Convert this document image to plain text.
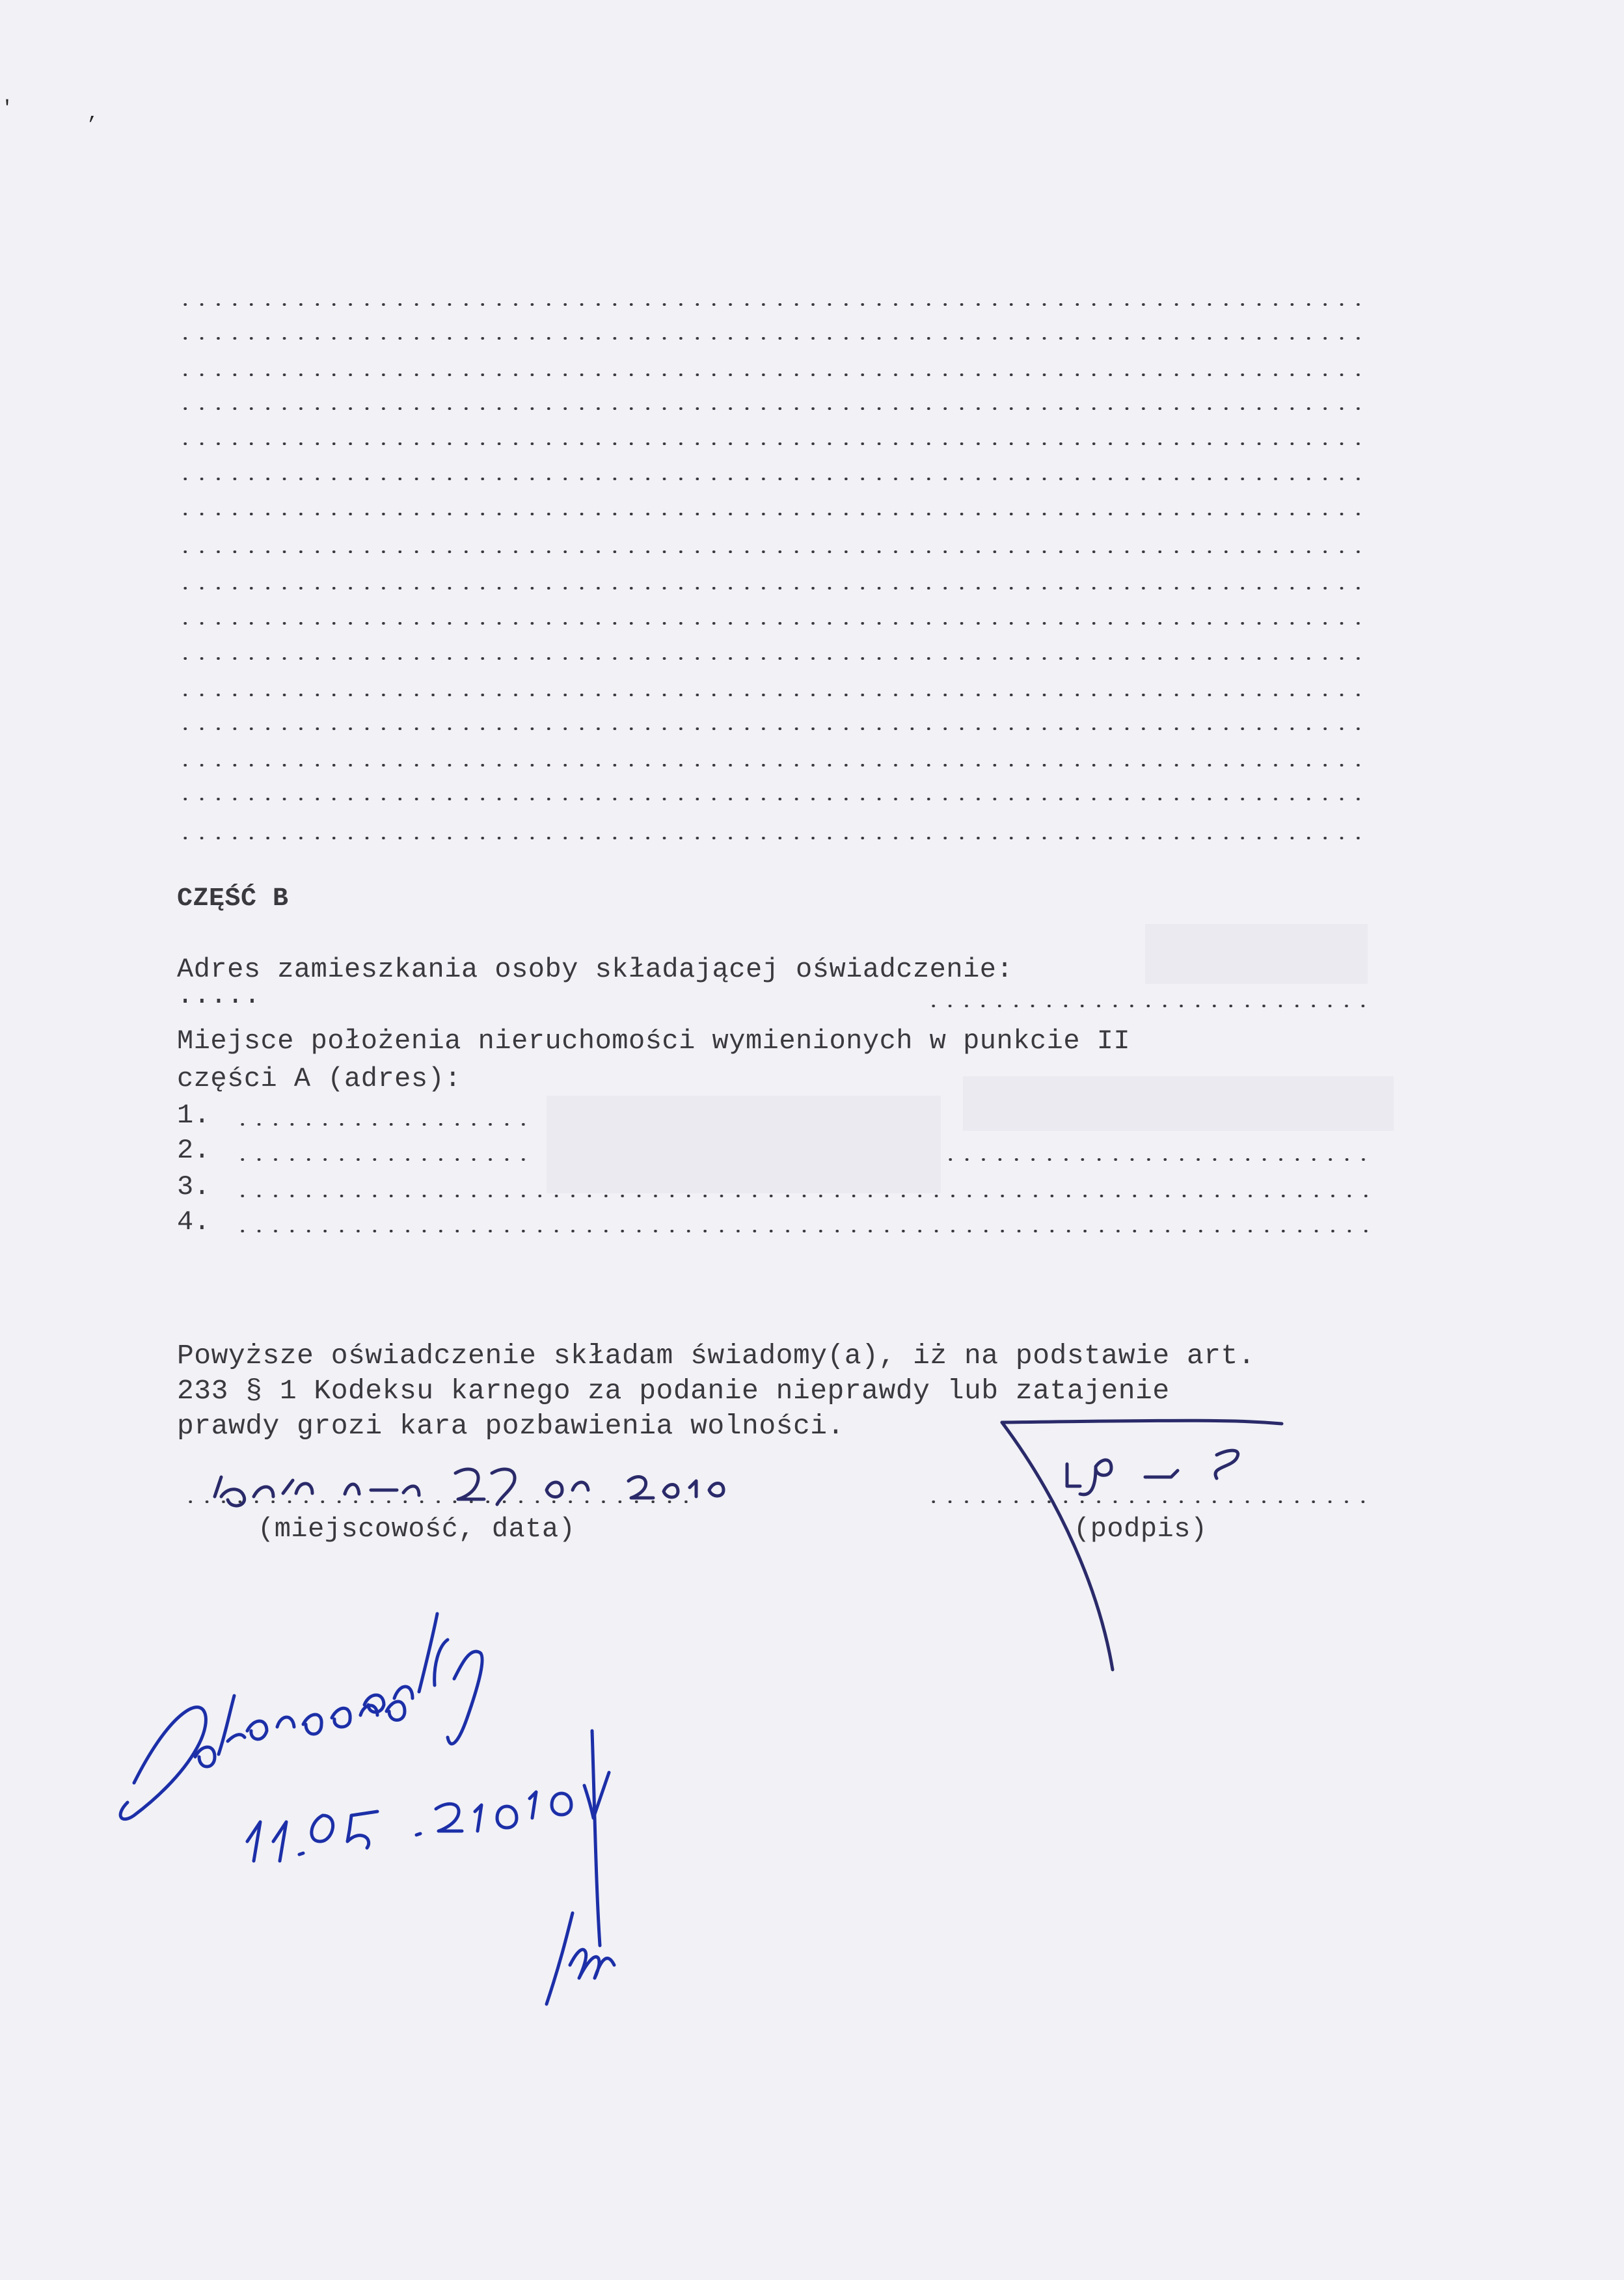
'	,
CZĘŚĆ B
Adres zamieszkania osoby składającej oświadczenie:
.....
Miejsce położenia nieruchomości wymienionych w punkcie II
części A (adres):
1.
2.
3.
4.
Powyższe oświadczenie składam świadomy(a), iż na podstawie art.
233 § 1 Kodeksu karnego za podanie nieprawdy lub zatajenie
prawdy grozi kara pozbawienia wolności.
(miejscowość, data)	(podpis)
